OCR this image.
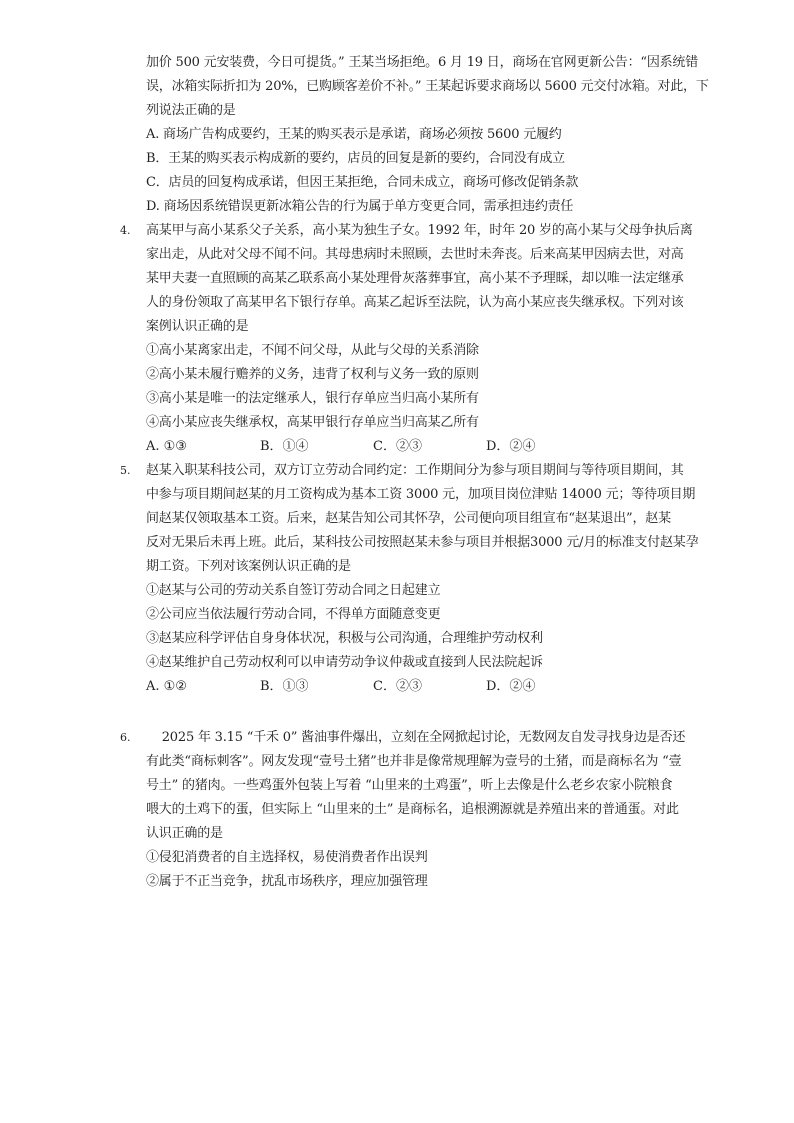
加价 500 元安装费，今日可提货。” 王某当场拒绝。6 月 19 日，商场在官网更新公告：“因系统错
误，冰箱实际折扣为 20%，已购顾客差价不补。” 王某起诉要求商场以 5600 元交付冰箱。对此，下
列说法正确的是
A. 商场广告构成要约，王某的购买表示是承诺，商场必须按 5600 元履约
B．王某的购买表示构成新的要约，店员的回复是新的要约，合同没有成立
C．店员的回复构成承诺，但因王某拒绝，合同未成立，商场可修改促销条款
D. 商场因系统错误更新冰箱公告的行为属于单方变更合同，需承担违约责任
4. 高某甲与高小某系父子关系，高小某为独生子女。1992 年，时年 20 岁的高小某与父母争执后离
家出走，从此对父母不闻不问。其母患病时未照顾，去世时未奔丧。后来高某甲因病去世，对高
某甲夫妻一直照顾的高某乙联系高小某处理骨灰落葬事宜，高小某不予理睬，却以唯一法定继承
人的身份领取了高某甲名下银行存单。高某乙起诉至法院，认为高小某应丧失继承权。下列对该
案例认识正确的是
①高小某离家出走，不闻不问父母，从此与父母的关系消除
②高小某未履行赡养的义务，违背了权利与义务一致的原则
③高小某是唯一的法定继承人，银行存单应当归高小某所有
④高小某应丧失继承权，高某甲银行存单应当归高某乙所有
A. ①③	B．①④	C．②③	D．②④
5. 赵某入职某科技公司，双方订立劳动合同约定：工作期间分为参与项目期间与等待项目期间，其
中参与项目期间赵某的月工资构成为基本工资 3000 元，加项目岗位津贴 14000 元；等待项目期
间赵某仅领取基本工资。后来，赵某告知公司其怀孕，公司便向项目组宣布“赵某退出”，赵某
反对无果后未再上班。此后，某科技公司按照赵某未参与项目并根据3000 元/月的标准支付赵某孕
期工资。下列对该案例认识正确的是
①赵某与公司的劳动关系自签订劳动合同之日起建立
②公司应当依法履行劳动合同，不得单方面随意变更
③赵某应科学评估自身身体状况，积极与公司沟通，合理维护劳动权利
④赵某维护自己劳动权利可以申请劳动争议仲裁或直接到人民法院起诉
A. ①②	B．①③	C．②③	D．②④
6. 2025 年 3.15 “千禾 0” 酱油事件爆出，立刻在全网掀起讨论，无数网友自发寻找身边是否还
有此类“商标刺客”。网友发现“壹号土猪”也并非是像常规理解为壹号的土猪，而是商标名为 “壹
号土” 的猪肉。一些鸡蛋外包装上写着 “山里来的土鸡蛋”，听上去像是什么老乡农家小院粮食
喂大的土鸡下的蛋，但实际上 “山里来的土” 是商标名，追根溯源就是养殖出来的普通蛋。对此
认识正确的是
①侵犯消费者的自主选择权，易使消费者作出误判
②属于不正当竞争，扰乱市场秩序，理应加强管理
